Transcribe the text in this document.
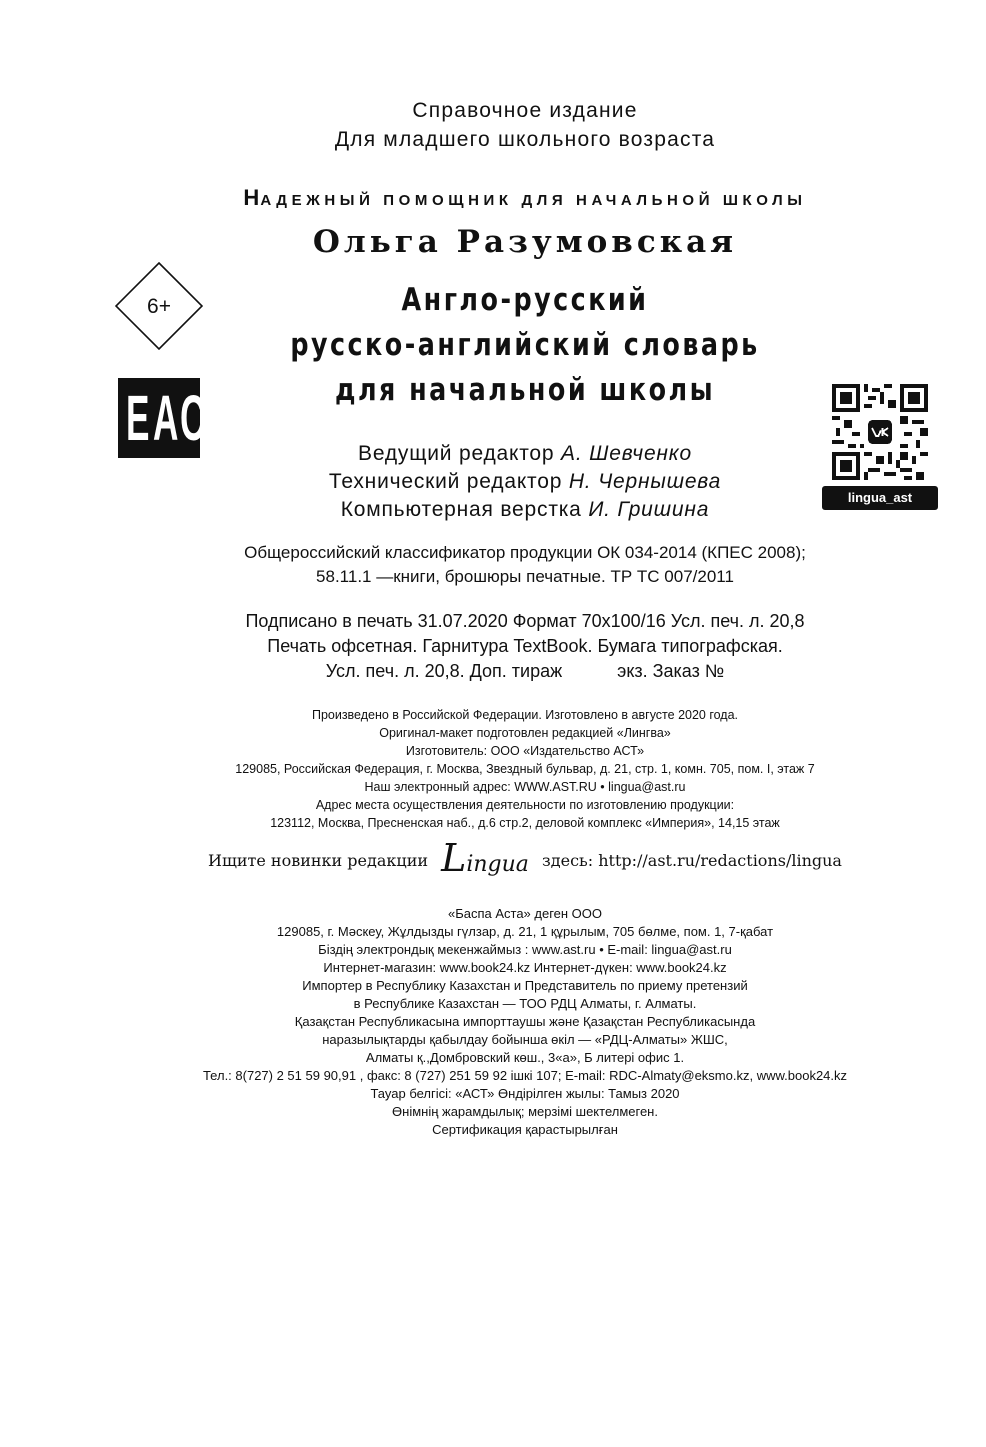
Справочное издание
Для младшего школьного возраста
НАДЕЖНЫЙ ПОМОЩНИК ДЛЯ НАЧАЛЬНОЙ ШКОЛЫ
Ольга Разумовская
Англо-русский
русско-английский словарь
для начальной школы
6+
E A C
lingua_ast
Ведущий редактор А. Шевченко
Технический редактор Н. Чернышева
Компьютерная верстка И. Гришина
Общероссийский классификатор продукции ОК 034-2014 (КПЕС 2008);
58.11.1 —книги, брошюры печатные. ТР ТС 007/2011
Подписано в печать 31.07.2020 Формат 70x100/16 Усл. печ. л. 20,8
Печать офсетная. Гарнитура TextBook. Бумага типографская.
Усл. печ. л. 20,8. Доп. тираж           экз. Заказ №
Произведено в Российской Федерации. Изготовлено в августе 2020 года.
Оригинал-макет подготовлен редакцией «Лингва»
Изготовитель: ООО «Издательство АСТ»
129085, Российская Федерация, г. Москва, Звездный бульвар, д. 21, стр. 1, комн. 705, пом. I, этаж 7
Наш электронный адрес: WWW.AST.RU • lingua@ast.ru
Адрес места осуществления деятельности по изготовлению продукции:
123112, Москва, Пресненская наб., д.6 стр.2, деловой комплекс «Империя», 14,15 этаж
Ищите новинки редакции Lingua здесь: http://ast.ru/redactions/lingua
«Баспа Аста» деген ООО
129085, г. Мәскеу, Жұлдызды гүлзар, д. 21, 1 құрылым, 705 бөлме, пом. 1, 7-қабат
Біздің электрондық мекенжаймыз : www.ast.ru • E-mail: lingua@ast.ru
Интернет-магазин: www.book24.kz Интернет-дүкен: www.book24.kz
Импортер в Республику Казахстан и Представитель по приему претензий
в Республике Казахстан — ТОО РДЦ Алматы, г. Алматы.
Қазақстан Республикасына импорттаушы және Қазақстан Республикасында
наразылықтарды қабылдау бойынша өкіл — «РДЦ-Алматы» ЖШС,
Алматы қ.,Домбровский көш., 3«а», Б литері офис 1.
Тел.: 8(727) 2 51 59 90,91 , факс: 8 (727) 251 59 92 ішкі 107; E-mail: RDC-Almaty@eksmo.kz, www.book24.kz
Тауар белгісі: «АСТ» Өндірілген жылы: Тамыз 2020
Өнімнің жарамдылық; мерзімі шектелмеген.
Сертификация қарастырылған
